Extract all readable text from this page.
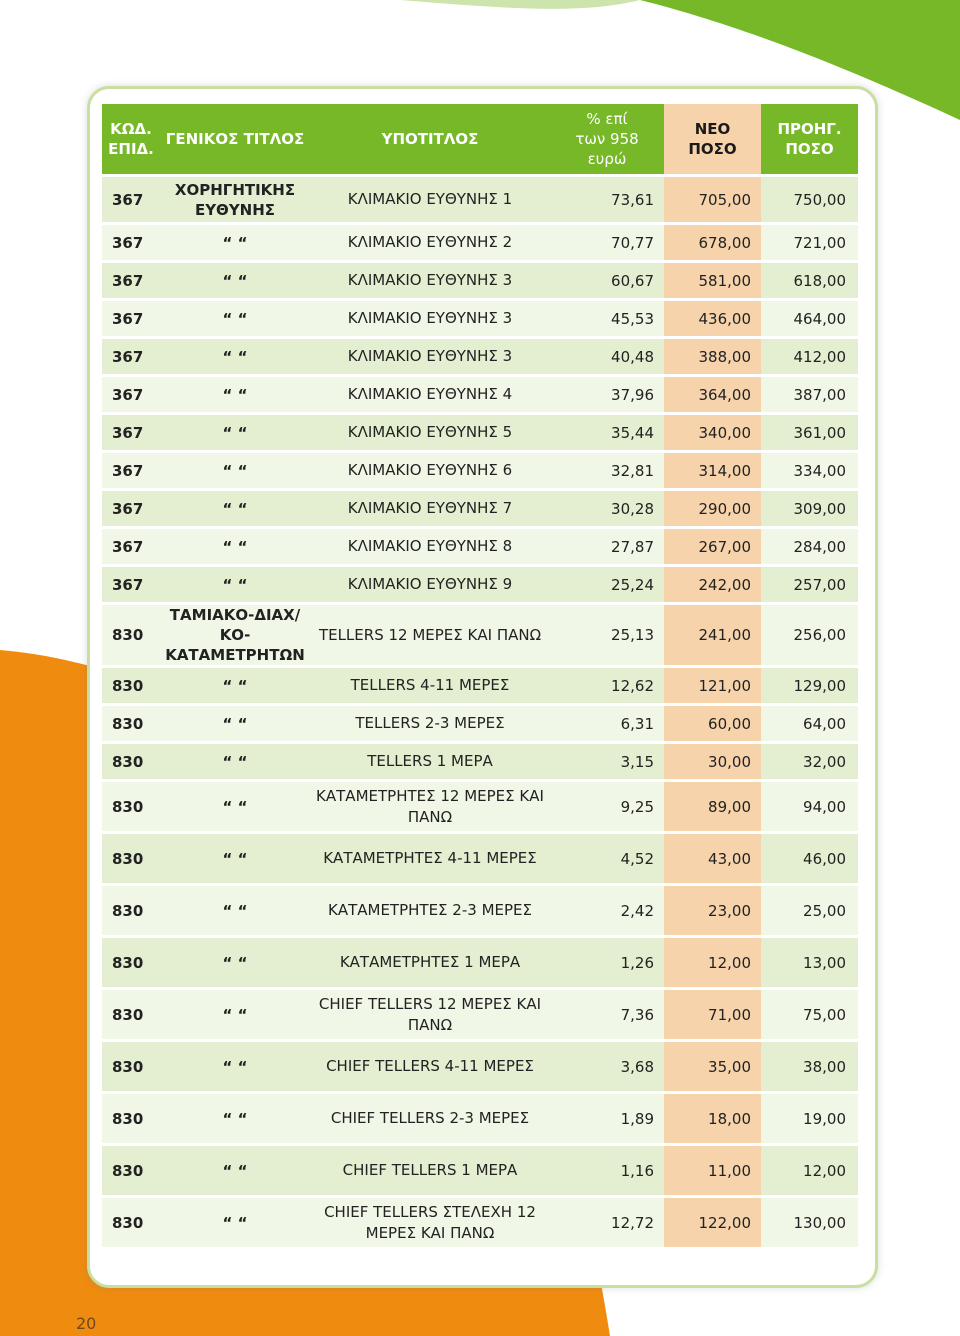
ΚΩΔ.
ΕΠΙΔ.	ΓΕΝΙΚΟΣ ΤΙΤΛΟΣ	ΥΠΟΤΙΤΛΟΣ	% επί
των 958
ευρώ	ΝΕΟ ΠΟΣΟ	ΠΡΟΗΓ.
ΠΟΣΟ
367	ΧΟΡΗΓΗΤΙΚΗΣ
ΕΥΘΥΝΗΣ	ΚΛΙΜΑΚΙΟ ΕΥΘΥΝΗΣ 1	73,61	705,00	750,00
367	“ “	ΚΛΙΜΑΚΙΟ ΕΥΘΥΝΗΣ 2	70,77	678,00	721,00
367	“ “	ΚΛΙΜΑΚΙΟ ΕΥΘΥΝΗΣ 3	60,67	581,00	618,00
367	“ “	ΚΛΙΜΑΚΙΟ ΕΥΘΥΝΗΣ 3	45,53	436,00	464,00
367	“ “	ΚΛΙΜΑΚΙΟ ΕΥΘΥΝΗΣ 3	40,48	388,00	412,00
367	“ “	ΚΛΙΜΑΚΙΟ ΕΥΘΥΝΗΣ 4	37,96	364,00	387,00
367	“ “	ΚΛΙΜΑΚΙΟ ΕΥΘΥΝΗΣ 5	35,44	340,00	361,00
367	“ “	ΚΛΙΜΑΚΙΟ ΕΥΘΥΝΗΣ 6	32,81	314,00	334,00
367	“ “	ΚΛΙΜΑΚΙΟ ΕΥΘΥΝΗΣ 7	30,28	290,00	309,00
367	“ “	ΚΛΙΜΑΚΙΟ ΕΥΘΥΝΗΣ 8	27,87	267,00	284,00
367	“ “	ΚΛΙΜΑΚΙΟ ΕΥΘΥΝΗΣ 9	25,24	242,00	257,00
830	ΤΑΜΙΑΚΟ-ΔΙΑΧ/ΚΟ-
ΚΑΤΑΜΕΤΡΗΤΩΝ	TELLERS 12 ΜΕΡΕΣ ΚΑΙ ΠΑΝΩ	25,13	241,00	256,00
830	“ “	TELLERS 4-11 ΜΕΡΕΣ	12,62	121,00	129,00
830	“ “	TELLERS 2-3 ΜΕΡΕΣ	6,31	60,00	64,00
830	“ “	TELLERS 1 ΜΕΡΑ	3,15	30,00	32,00
830	“ “	ΚΑΤΑΜΕΤΡΗΤΕΣ 12 ΜΕΡΕΣ ΚΑΙ
ΠΑΝΩ	9,25	89,00	94,00
830	“ “	ΚΑΤΑΜΕΤΡΗΤΕΣ 4-11 ΜΕΡΕΣ	4,52	43,00	46,00
830	“ “	ΚΑΤΑΜΕΤΡΗΤΕΣ 2-3 ΜΕΡΕΣ	2,42	23,00	25,00
830	“ “	ΚΑΤΑΜΕΤΡΗΤΕΣ 1 ΜΕΡΑ	1,26	12,00	13,00
830	“ “	CHIEF TELLERS 12 ΜΕΡΕΣ ΚΑΙ
ΠΑΝΩ	7,36	71,00	75,00
830	“ “	CHIEF TELLERS 4-11 ΜΕΡΕΣ	3,68	35,00	38,00
830	“ “	CHIEF TELLERS 2-3 ΜΕΡΕΣ	1,89	18,00	19,00
830	“ “	CHIEF TELLERS 1 ΜΕΡΑ	1,16	11,00	12,00
830	“ “	CHIEF TELLERS ΣΤΕΛΕΧΗ 12
ΜΕΡΕΣ ΚΑΙ ΠΑΝΩ	12,72	122,00	130,00
20
